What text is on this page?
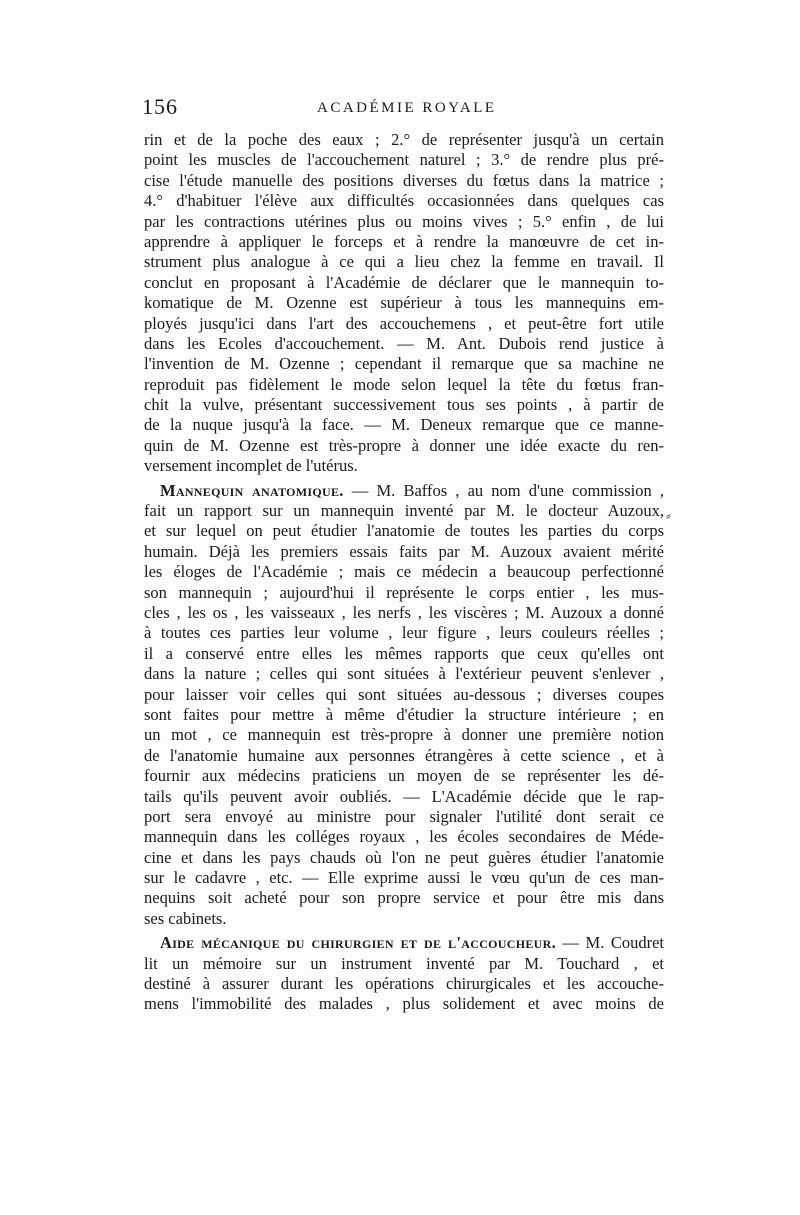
156	ACADÉMIE ROYALE
rin et de la poche des eaux ; 2.° de représenter jusqu'à un certain
point les muscles de l'accouchement naturel ; 3.° de rendre plus pré-
cise l'étude manuelle des positions diverses du fœtus dans la matrice ;
4.° d'habituer l'élève aux difficultés occasionnées dans quelques cas
par les contractions utérines plus ou moins vives ; 5.° enfin , de lui
apprendre à appliquer le forceps et à rendre la manœuvre de cet in-
strument plus analogue à ce qui a lieu chez la femme en travail. Il
conclut en proposant à l'Académie de déclarer que le mannequin to-
komatique de M. Ozenne est supérieur à tous les mannequins em-
ployés jusqu'ici dans l'art des accouchemens , et peut-être fort utile
dans les Ecoles d'accouchement. — M. Ant. Dubois rend justice à
l'invention de M. Ozenne ; cependant il remarque que sa machine ne
reproduit pas fidèlement le mode selon lequel la tête du fœtus fran-
chit la vulve, présentant successivement tous ses points , à partir de
de la nuque jusqu'à la face. — M. Deneux remarque que ce manne-
quin de M. Ozenne est très-propre à donner une idée exacte du ren-
versement incomplet de l'utérus.
Mannequin anatomique. — M. Baffos , au nom d'une commission ,
fait un rapport sur un mannequin inventé par M. le docteur Auzoux,
et sur lequel on peut étudier l'anatomie de toutes les parties du corps
humain. Déjà les premiers essais faits par M. Auzoux avaient mérité
les éloges de l'Académie ; mais ce médecin a beaucoup perfectionné
son mannequin ; aujourd'hui il représente le corps entier , les mus-
cles , les os , les vaisseaux , les nerfs , les viscères ; M. Auzoux a donné
à toutes ces parties leur volume , leur figure , leurs couleurs réelles ;
il a conservé entre elles les mêmes rapports que ceux qu'elles ont
dans la nature ; celles qui sont situées à l'extérieur peuvent s'enlever ,
pour laisser voir celles qui sont situées au-dessous ; diverses coupes
sont faites pour mettre à même d'étudier la structure intérieure ; en
un mot , ce mannequin est très-propre à donner une première notion
de l'anatomie humaine aux personnes étrangères à cette science , et à
fournir aux médecins praticiens un moyen de se représenter les dé-
tails qu'ils peuvent avoir oubliés. — L'Académie décide que le rap-
port sera envoyé au ministre pour signaler l'utilité dont serait ce
mannequin dans les colléges royaux , les écoles secondaires de Méde-
cine et dans les pays chauds où l'on ne peut guères étudier l'anatomie
sur le cadavre , etc. — Elle exprime aussi le vœu qu'un de ces man-
nequins soit acheté pour son propre service et pour être mis dans
ses cabinets.
Aide mécanique du chirurgien et de l'accoucheur. — M. Coudret
lit un mémoire sur un instrument inventé par M. Touchard , et
destiné à assurer durant les opérations chirurgicales et les accouche-
mens l'immobilité des malades , plus solidement et avec moins de
⸗
